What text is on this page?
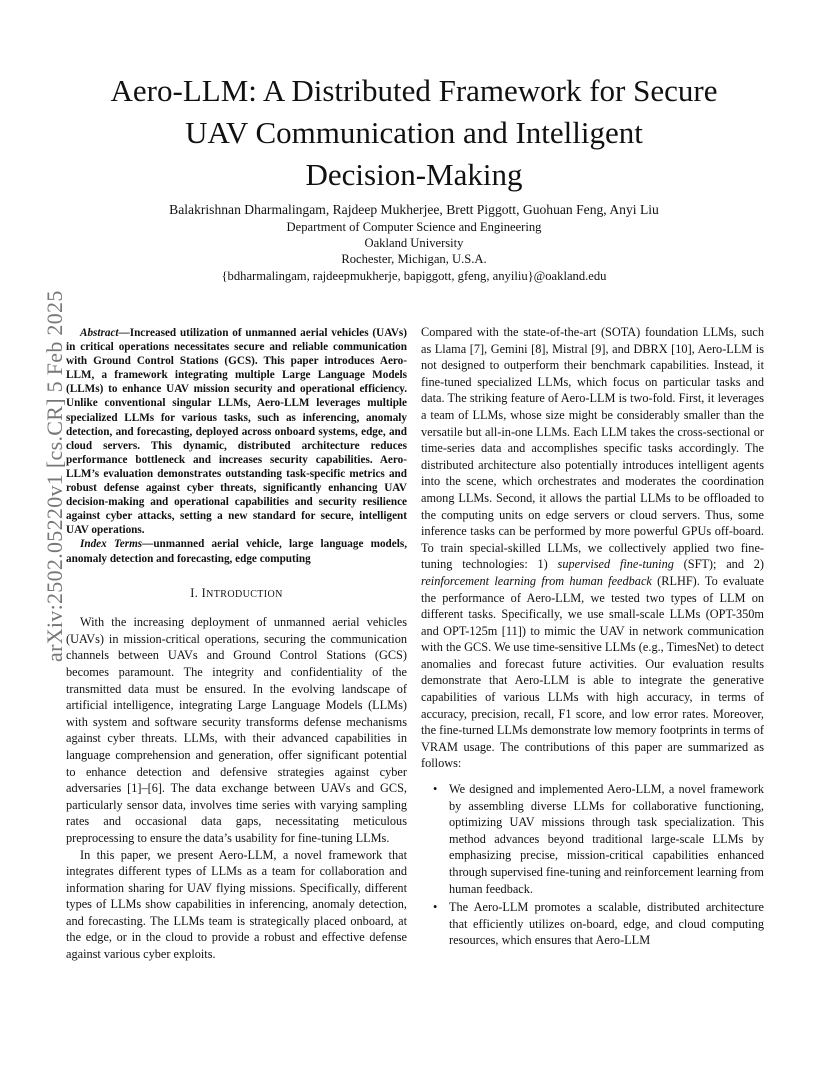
Aero-LLM: A Distributed Framework for Secure
UAV Communication and Intelligent
Decision-Making
Balakrishnan Dharmalingam, Rajdeep Mukherjee, Brett Piggott, Guohuan Feng, Anyi Liu
Department of Computer Science and Engineering
Oakland University
Rochester, Michigan, U.S.A.
{bdharmalingam, rajdeepmukherje, bapiggott, gfeng, anyiliu}@oakland.edu
arXiv:2502.05220v1 [cs.CR] 5 Feb 2025	Abstract—Increased utilization of unmanned aerial vehicles (UAVs) in critical operations necessitates secure and reliable communication with Ground Control Stations (GCS). This paper introduces Aero-LLM, a framework integrating multiple Large Language Models (LLMs) to enhance UAV mission security and operational efficiency. Unlike conventional singular LLMs, Aero-LLM leverages multiple specialized LLMs for various tasks, such as inferencing, anomaly detection, and forecasting, deployed across onboard systems, edge, and cloud servers. This dynamic, distributed architecture reduces performance bottleneck and increases security capabilities. Aero-LLM’s evaluation demonstrates outstanding task-specific metrics and robust defense against cyber threats, significantly enhancing UAV decision-making and operational capabilities and security resilience against cyber attacks, setting a new standard for secure, intelligent UAV operations.

Index Terms—unmanned aerial vehicle, large language models, anomaly detection and forecasting, edge computing

I. INTRODUCTION

With the increasing deployment of unmanned aerial vehicles (UAVs) in mission-critical operations, securing the communication channels between UAVs and Ground Control Stations (GCS) becomes paramount. The integrity and confidentiality of the transmitted data must be ensured. In the evolving landscape of artificial intelligence, integrating Large Language Models (LLMs) with system and software security transforms defense mechanisms against cyber threats. LLMs, with their advanced capabilities in language comprehension and generation, offer significant potential to enhance detection and defensive strategies against cyber adversaries [1]–[6]. The data exchange between UAVs and GCS, particularly sensor data, involves time series with varying sampling rates and occasional data gaps, necessitating meticulous preprocessing to ensure the data’s usability for fine-tuning LLMs.

In this paper, we present Aero-LLM, a novel framework that integrates different types of LLMs as a team for collaboration and information sharing for UAV flying missions. Specifically, different types of LLMs show capabilities in inferencing, anomaly detection, and forecasting. The LLMs team is strategically placed onboard, at the edge, or in the cloud to provide a robust and effective defense against various cyber exploits.

Compared with the state-of-the-art (SOTA) foundation LLMs, such as Llama [7], Gemini [8], Mistral [9], and DBRX [10], Aero-LLM is not designed to outperform their benchmark capabilities. Instead, it fine-tuned specialized LLMs, which focus on particular tasks and data. The striking feature of Aero-LLM is two-fold. First, it leverages a team of LLMs, whose size might be considerably smaller than the versatile but all-in-one LLMs. Each LLM takes the cross-sectional or time-series data and accomplishes specific tasks accordingly. The distributed architecture also potentially introduces intelligent agents into the scene, which orchestrates and moderates the coordination among LLMs. Second, it allows the partial LLMs to be offloaded to the computing units on edge servers or cloud servers. Thus, some inference tasks can be performed by more powerful GPUs off-board. To train special-skilled LLMs, we collectively applied two fine-tuning technologies: 1) supervised fine-tuning (SFT); and 2) reinforcement learning from human feedback (RLHF). To evaluate the performance of Aero-LLM, we tested two types of LLM on different tasks. Specifically, we use small-scale LLMs (OPT-350m and OPT-125m [11]) to mimic the UAV in network communication with the GCS. We use time-sensitive LLMs (e.g., TimesNet) to detect anomalies and forecast future activities. Our evaluation results demonstrate that Aero-LLM is able to integrate the generative capabilities of various LLMs with high accuracy, in terms of accuracy, precision, recall, F1 score, and low error rates. Moreover, the fine-turned LLMs demonstrate low memory footprints in terms of VRAM usage. The contributions of this paper are summarized as follows:

• We designed and implemented Aero-LLM, a novel framework by assembling diverse LLMs for collaborative functioning, optimizing UAV missions through task specialization. This method advances beyond traditional large-scale LLMs by emphasizing precise, mission-critical capabilities enhanced through supervised fine-tuning and reinforcement learning from human feedback.
• The Aero-LLM promotes a scalable, distributed architecture that efficiently utilizes on-board, edge, and cloud computing resources, which ensures that Aero-LLM
